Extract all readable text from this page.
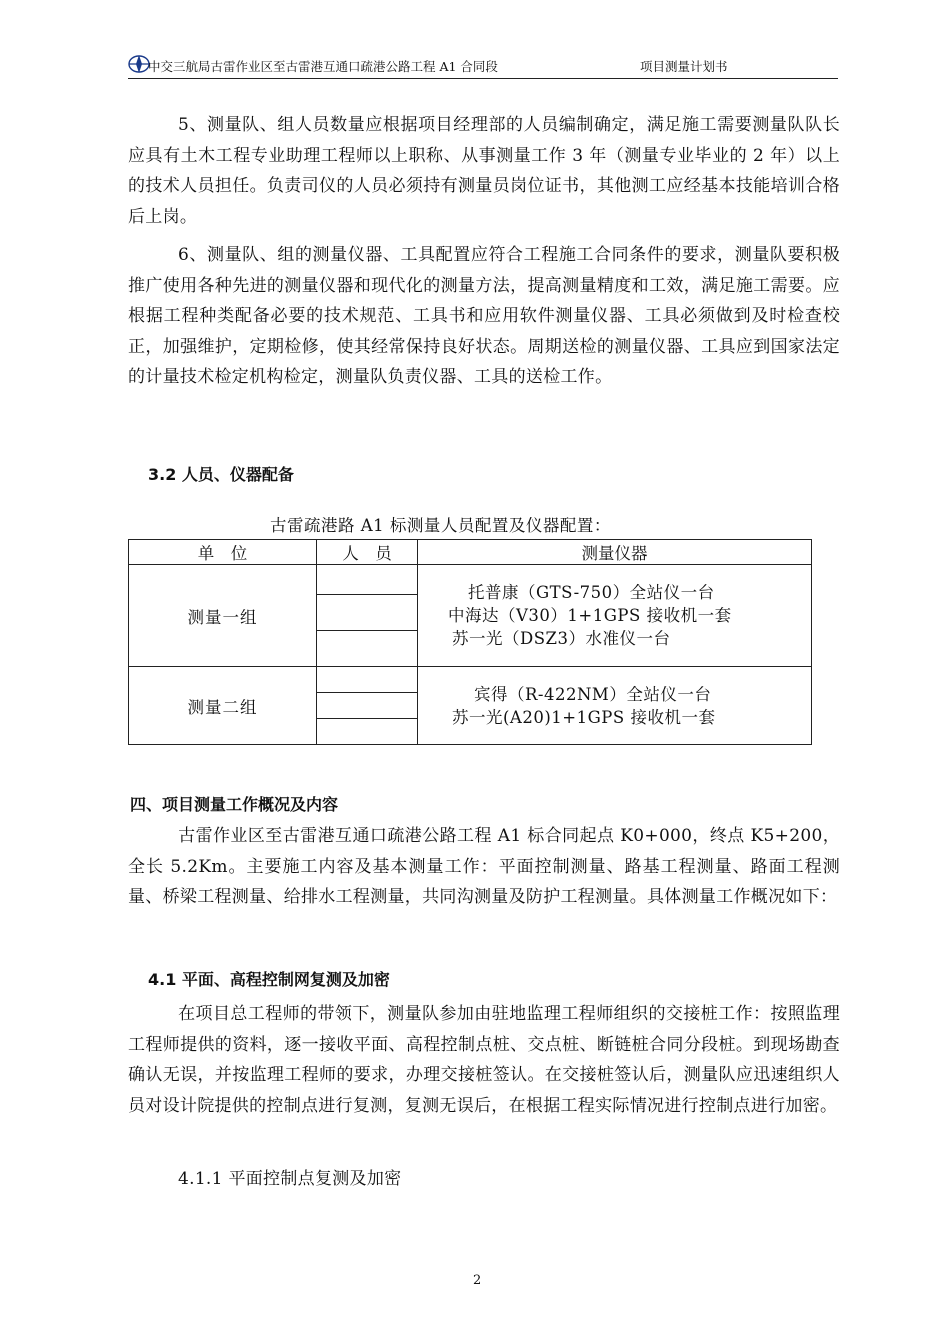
中交三航局古雷作业区至古雷港互通口疏港公路工程 A1 合同段	项目测量计划书

5、测量队、组人员数量应根据项目经理部的人员编制确定，满足施工需要测量队队长应具有土木工程专业助理工程师以上职称、从事测量工作 3 年（测量专业毕业的 2 年）以上的技术人员担任。负责司仪的人员必须持有测量员岗位证书，其他测工应经基本技能培训合格后上岗。

6、测量队、组的测量仪器、工具配置应符合工程施工合同条件的要求，测量队要积极推广使用各种先进的测量仪器和现代化的测量方法，提高测量精度和工效，满足施工需要。应根据工程种类配备必要的技术规范、工具书和应用软件测量仪器、工具必须做到及时检查校正，加强维护，定期检修，使其经常保持良好状态。周期送检的测量仪器、工具应到国家法定的计量技术检定机构检定，测量队负责仪器、工具的送检工作。

3.2 人员、仪器配备
古雷疏港路 A1 标测量人员配置及仪器配置：
单　位	人　员	测量仪器
测量一组		托普康（GTS-750）全站仪一台
中海达（V30）1+1GPS 接收机一套
苏一光（DSZ3）水准仪一台

测量二组		宾得（R-422NM）全站仪一台
苏一光(A20)1+1GPS 接收机一套
四、项目测量工作概况及内容

古雷作业区至古雷港互通口疏港公路工程 A1 标合同起点 K0+000，终点 K5+200，全长 5.2Km。主要施工内容及基本测量工作：平面控制测量、路基工程测量、路面工程测量、桥梁工程测量、给排水工程测量，共同沟测量及防护工程测量。具体测量工作概况如下：

4.1 平面、高程控制网复测及加密

在项目总工程师的带领下，测量队参加由驻地监理工程师组织的交接桩工作：按照监理工程师提供的资料，逐一接收平面、高程控制点桩、交点桩、断链桩合同分段桩。到现场勘查确认无误，并按监理工程师的要求，办理交接桩签认。在交接桩签认后，测量队应迅速组织人员对设计院提供的控制点进行复测，复测无误后，在根据工程实际情况进行控制点进行加密。

4.1.1 平面控制点复测及加密
2
